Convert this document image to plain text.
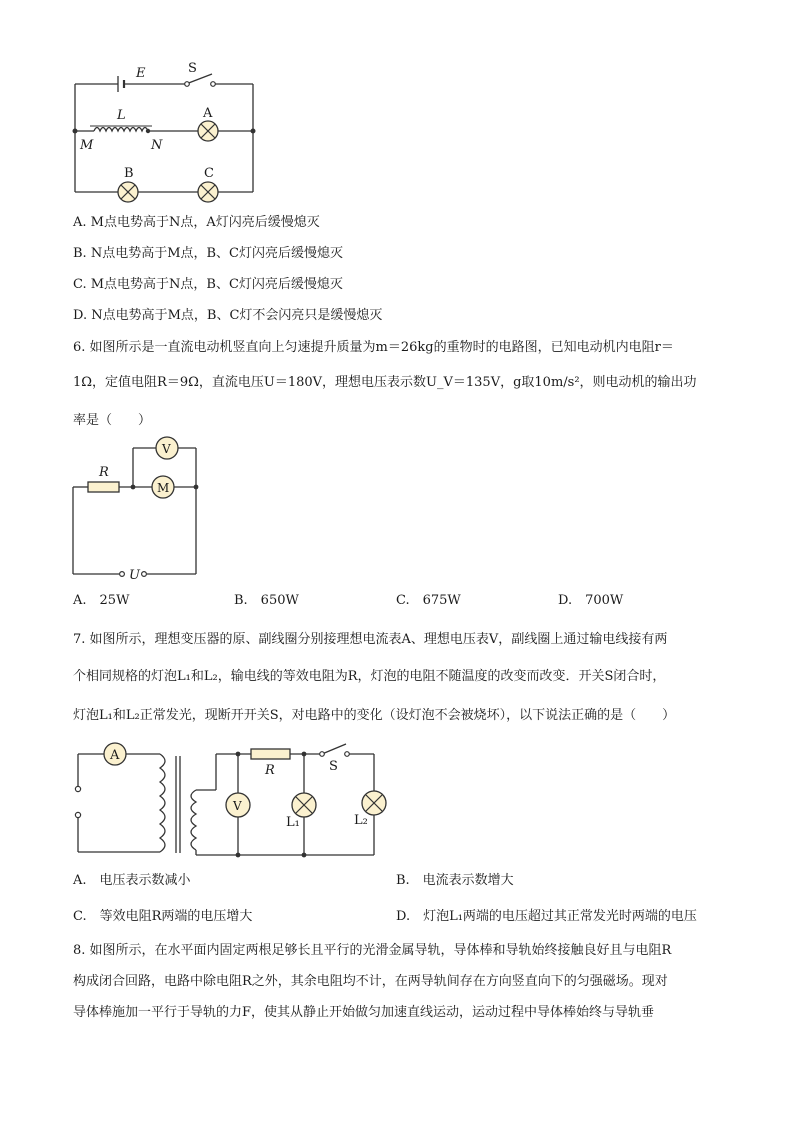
E	S
L	A
M	N
B	C
A. M点电势高于N点，A灯闪亮后缓慢熄灭
B. N点电势高于M点，B、C灯闪亮后缓慢熄灭
C. M点电势高于N点，B、C灯闪亮后缓慢熄灭
D. N点电势高于M点，B、C灯不会闪亮只是缓慢熄灭
6. 如图所示是一直流电动机竖直向上匀速提升质量为m＝26kg的重物时的电路图，已知电动机内电阻r＝
1Ω，定值电阻R＝9Ω，直流电压U＝180V，理想电压表示数U_V＝135V，g取10m/s²，则电动机的输出功
率是（　　）
V
M
R
U
A.　25W	B.　650W	C.　675W	D.　700W
7. 如图所示，理想变压器的原、副线圈分别接理想电流表A、理想电压表V，副线圈上通过输电线接有两
个相同规格的灯泡L₁和L₂，输电线的等效电阻为R，灯泡的电阻不随温度的改变而改变．开关S闭合时，
灯泡L₁和L₂正常发光，现断开开关S，对电路中的变化（设灯泡不会被烧坏），以下说法正确的是（　　）
A
V
R	S
L₁	L₂
A.　电压表示数减小	B.　电流表示数增大
C.　等效电阻R两端的电压增大	D.　灯泡L₁两端的电压超过其正常发光时两端的电压
8. 如图所示，在水平面内固定两根足够长且平行的光滑金属导轨，导体棒和导轨始终接触良好且与电阻R
构成闭合回路，电路中除电阻R之外，其余电阻均不计，在两导轨间存在方向竖直向下的匀强磁场。现对
导体棒施加一平行于导轨的力F，使其从静止开始做匀加速直线运动，运动过程中导体棒始终与导轨垂
